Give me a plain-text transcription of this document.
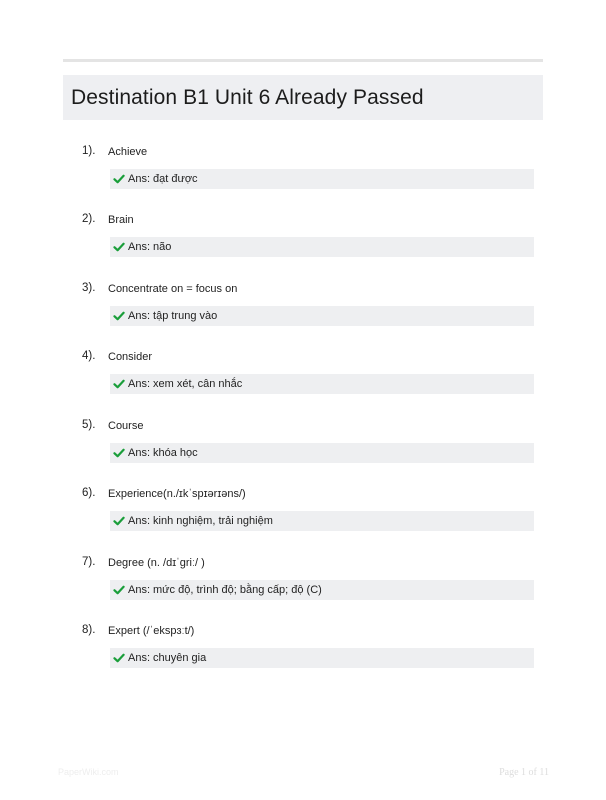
Destination B1 Unit 6 Already Passed
1). Achieve
Ans: đạt được
2). Brain
Ans: não
3). Concentrate on = focus on
Ans: tập trung vào
4). Consider
Ans: xem xét, cân nhắc
5). Course
Ans: khóa học
6). Experience(n./ɪkˈspɪərɪəns/)
Ans: kinh nghiệm, trải nghiệm
7). Degree (n. /dɪˈɡriː/ )
Ans: mức độ, trình độ; bằng cấp; độ (C)
8). Expert (/ˈekspɜːt/)
Ans: chuyên gia
PaperWiki.com	Page 1 of 11
